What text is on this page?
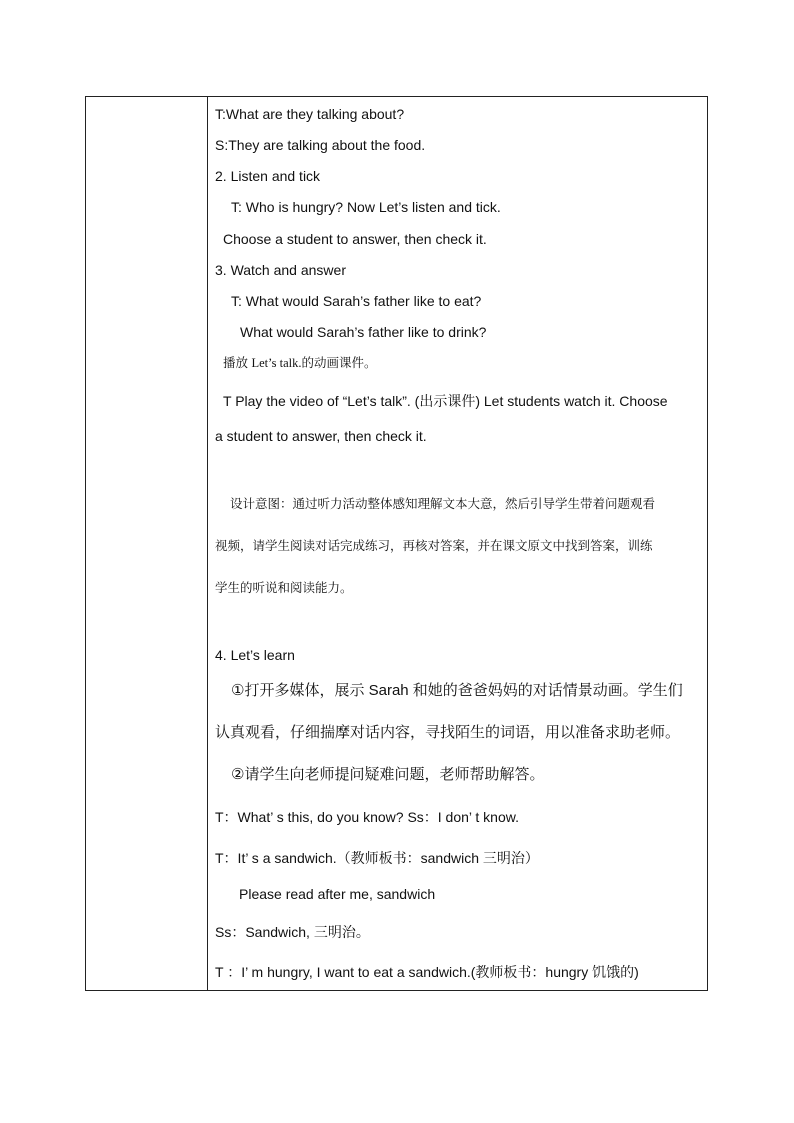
T:What are they talking about?
S:They are talking about the food.
2. Listen and tick
T: Who is hungry? Now Let’s listen and tick.
Choose a student to answer, then check it.
3. Watch and answer
T: What would Sarah’s father like to eat?
What would Sarah’s father like to drink?
播放 Let’s talk.的动画课件。
T Play the video of “Let’s talk”. (出示课件) Let students watch it. Choose
a student to answer, then check it.
设计意图：通过听力活动整体感知理解文本大意，然后引导学生带着问题观看
视频，请学生阅读对话完成练习，再核对答案，并在课文原文中找到答案，训练
学生的听说和阅读能力。
4. Let’s learn
①打开多媒体，展示 Sarah 和她的爸爸妈妈的对话情景动画。学生们
认真观看，仔细揣摩对话内容，寻找陌生的词语，用以准备求助老师。
②请学生向老师提问疑难问题，老师帮助解答。
T：What’ s this, do you know? Ss：I don’ t know.
T：It’ s a sandwich.（教师板书：sandwich 三明治）
Please read after me, sandwich
Ss：Sandwich, 三明治。
T ：I’ m hungry, I want to eat a sandwich.(教师板书：hungry 饥饿的)
